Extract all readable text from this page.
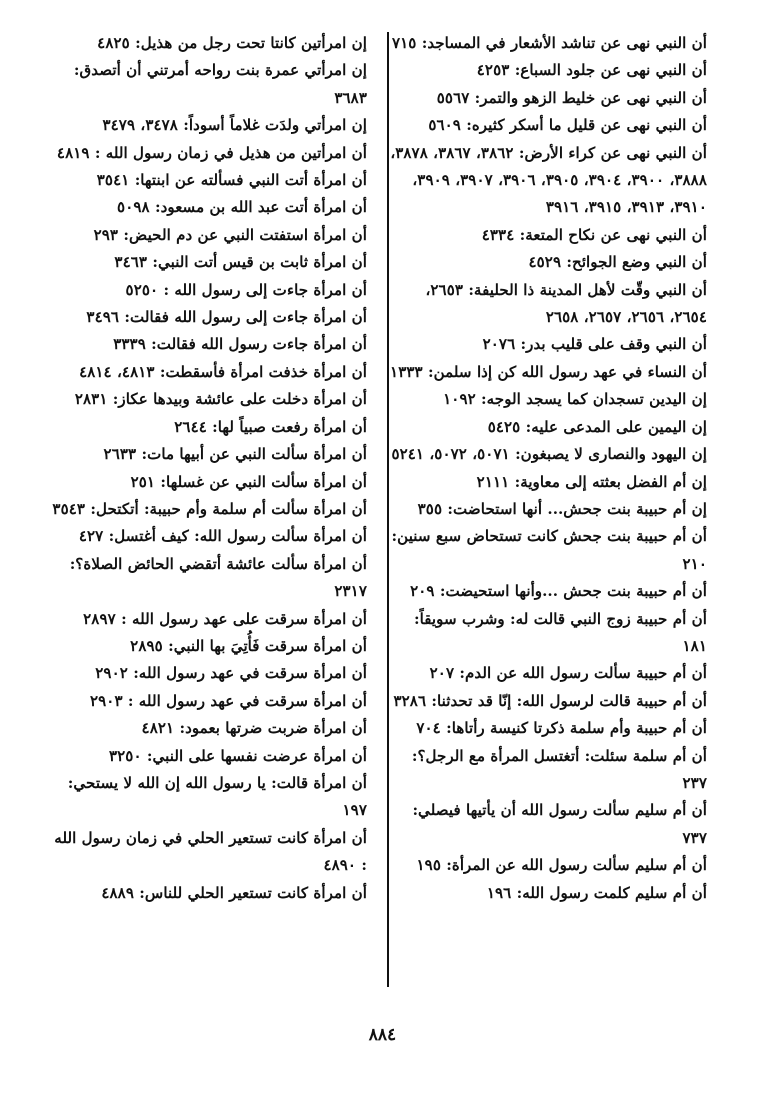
أن النبي نهى عن تناشد الأشعار في المساجد: ٧١٥

أن النبي نهى عن جلود السباع: ٤٢٥٣

أن النبي نهى عن خليط الزهو والتمر: ٥٥٦٧

أن النبي نهى عن قليل ما أسكر كثيره: ٥٦٠٩

أن النبي نهى عن كراء الأرض: ٣٨٦٢، ٣٨٦٧، ٣٨٧٨، ٣٨٨٨، ٣٩٠٠، ٣٩٠٤، ٣٩٠٥، ٣٩٠٦، ٣٩٠٧، ٣٩٠٩، ٣٩١٠، ٣٩١٣، ٣٩١٥، ٣٩١٦

أن النبي نهى عن نكاح المتعة: ٤٣٣٤

أن النبي وضع الجوائح: ٤٥٢٩

أن النبي وقّت لأهل المدينة ذا الحليفة: ٢٦٥٣، ٢٦٥٤، ٢٦٥٦، ٢٦٥٧، ٢٦٥٨

أن النبي وقف على قليب بدر: ٢٠٧٦

أن النساء في عهد رسول الله كن إذا سلمن: ١٣٣٣

إن اليدين تسجدان كما يسجد الوجه: ١٠٩٢

إن اليمين على المدعى عليه: ٥٤٢٥

إن اليهود والنصارى لا يصبغون: ٥٠٧١، ٥٠٧٢، ٥٢٤١

إن أم الفضل بعثته إلى معاوية: ٢١١١

إن أم حبيبة بنت جحش... أنها استحاضت: ٣٥٥

أن أم حبيبة بنت جحش كانت تستحاض سبع سنين: ٢١٠

أن أم حبيبة بنت جحش ...وأنها استحيضت: ٢٠٩

أن أم حبيبة زوج النبي قالت له: وشرب سويقاً: ١٨١

أن أم حبيبة سألت رسول الله عن الدم: ٢٠٧

أن أم حبيبة قالت لرسول الله: إنّا قد تحدثنا: ٣٢٨٦

أن أم حبيبة وأم سلمة ذكرتا كنيسة رأتاها: ٧٠٤

أن أم سلمة سئلت: أتغتسل المرأة مع الرجل؟: ٢٣٧

أن أم سليم سألت رسول الله أن يأتيها فيصلي: ٧٣٧

أن أم سليم سألت رسول الله عن المرأة: ١٩٥

أن أم سليم كلمت رسول الله: ١٩٦

إن امرأتين كانتا تحت رجل من هذيل: ٤٨٢٥

إن امرأتي عمرة بنت رواحه أمرتني أن أتصدق: ٣٦٨٣

إن امرأتي ولدَت غلاماً أسوداً: ٣٤٧٨، ٣٤٧٩

أن امرأتين من هذيل في زمان رسول الله : ٤٨١٩

أن امرأة أتت النبي فسألته عن ابنتها: ٣٥٤١

أن امرأة أتت عبد الله بن مسعود: ٥٠٩٨

أن امرأة استفتت النبي عن دم الحيض: ٢٩٣

أن امرأة ثابت بن قيس أتت النبي: ٣٤٦٣

أن امرأة جاءت إلى رسول الله : ٥٢٥٠

أن امرأة جاءت إلى رسول الله فقالت: ٣٤٩٦

أن امرأة جاءت رسول الله فقالت: ٣٣٣٩

أن امرأة خذفت امرأة فأسقطت: ٤٨١٣، ٤٨١٤

أن امرأة دخلت على عائشة وبيدها عكاز: ٢٨٣١

أن امرأة رفعت صبياً لها: ٢٦٤٤

أن امرأة سألت النبي عن أبيها مات: ٢٦٣٣

أن امرأة سألت النبي عن غسلها: ٢٥١

أن امرأة سألت أم سلمة وأم حبيبة: أتكتحل: ٣٥٤٣

أن امرأة سألت رسول الله: كيف أغتسل: ٤٢٧

أن امرأة سألت عائشة أتقضي الحائض الصلاة؟: ٢٣١٧

أن امرأة سرقت على عهد رسول الله : ٢٨٩٧

أن امرأة سرقت فَأُتِيَ بها النبي: ٢٨٩٥

أن امرأة سرقت في عهد رسول الله: ٢٩٠٢

أن امرأة سرقت في عهد رسول الله : ٢٩٠٣

أن امرأة ضربت ضرتها بعمود: ٤٨٢١

أن امرأة عرضت نفسها على النبي: ٣٢٥٠

أن امرأة قالت: يا رسول الله إن الله لا يستحي: ١٩٧

أن امرأة كانت تستعير الحلي في زمان رسول الله : ٤٨٩٠

أن امرأة كانت تستعير الحلي للناس: ٤٨٨٩

٨٨٤
